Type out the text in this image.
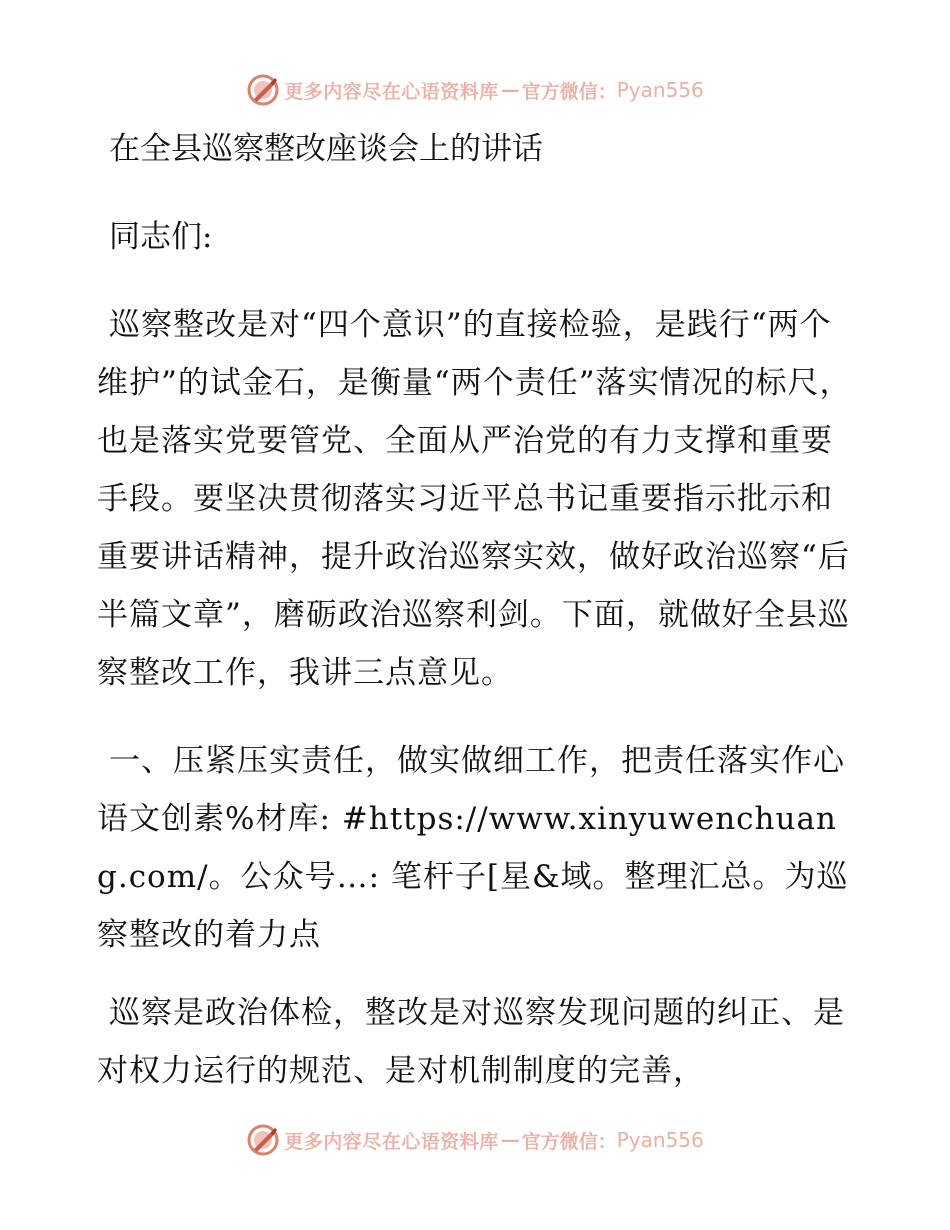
更多内容尽在心语资料库 — 官方微信： Pyan556
在全县巡察整改座谈会上的讲话
同志们:

巡察整改是对“四个意识”的直接检验，是践行“两个维护”的试金石，是衡量“两个责任”落实情况的标尺，也是落实党要管党、全面从严治党的有力支撑和重要手段。要坚决贯彻落实习近平总书记重要指示批示和重要讲话精神，提升政治巡察实效，做好政治巡察“后半篇文章”，磨砺政治巡察利剑。下面，就做好全县巡察整改工作，我讲三点意见。

一、压紧压实责任，做实做细工作，把责任落实作心语文创素%材库: #https://www.xinyuwenchuang.com/。公众号…: 笔杆子[星&域。整理汇总。为巡察整改的着力点

巡察是政治体检，整改是对巡察发现问题的纠正、是对权力运行的规范、是对机制制度的完善，

更多内容尽在心语资料库 — 官方微信： Pyan556
